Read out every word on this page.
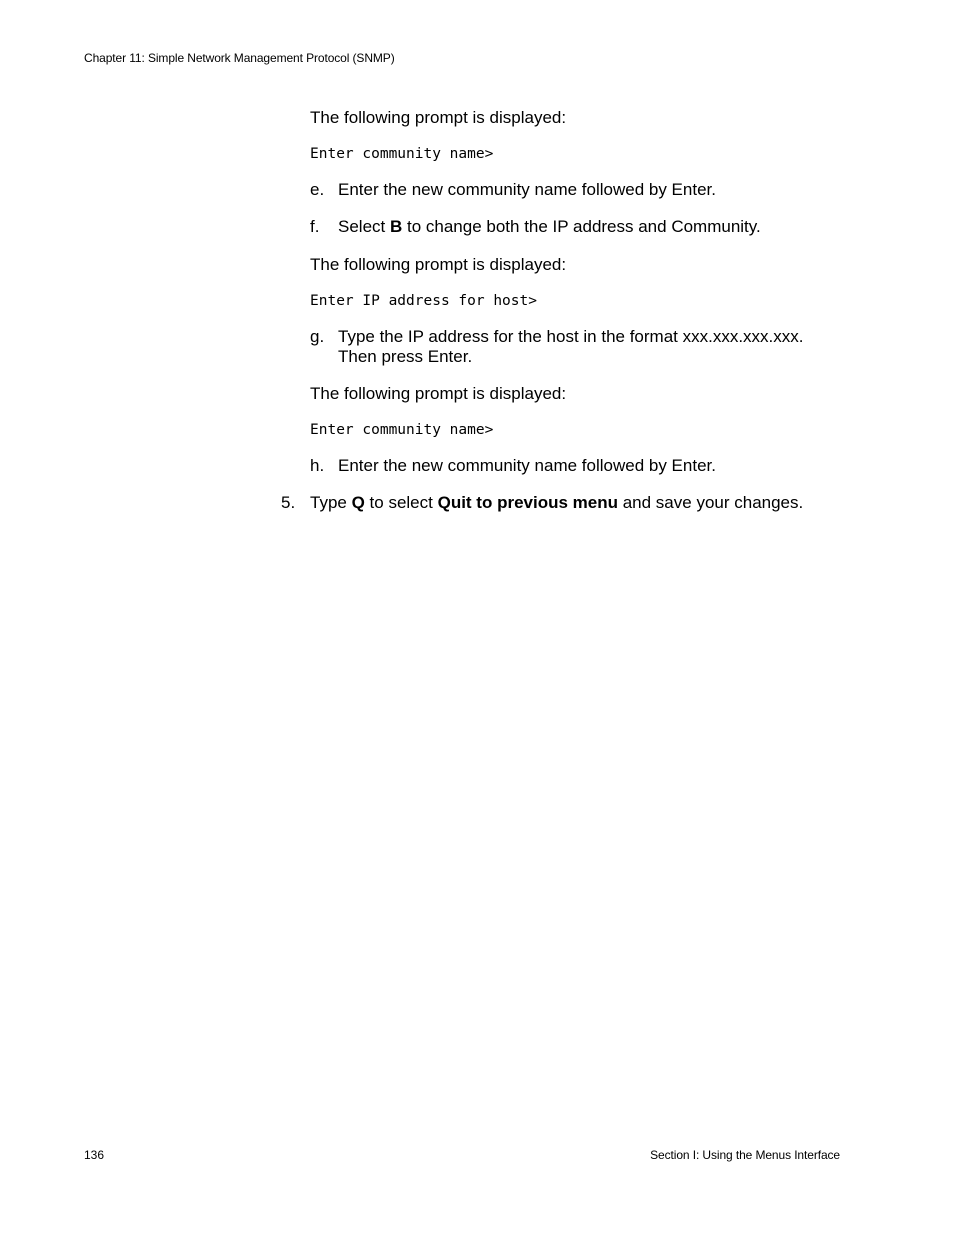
Chapter 11: Simple Network Management Protocol (SNMP)
The following prompt is displayed:
Enter community name>
e. Enter the new community name followed by Enter.
f. Select B to change both the IP address and Community.
The following prompt is displayed:
Enter IP address for host>
g. Type the IP address for the host in the format xxx.xxx.xxx.xxx.
Then press Enter.
The following prompt is displayed:
Enter community name>
h. Enter the new community name followed by Enter.
5. Type Q to select Quit to previous menu and save your changes.
136	Section I: Using the Menus Interface
